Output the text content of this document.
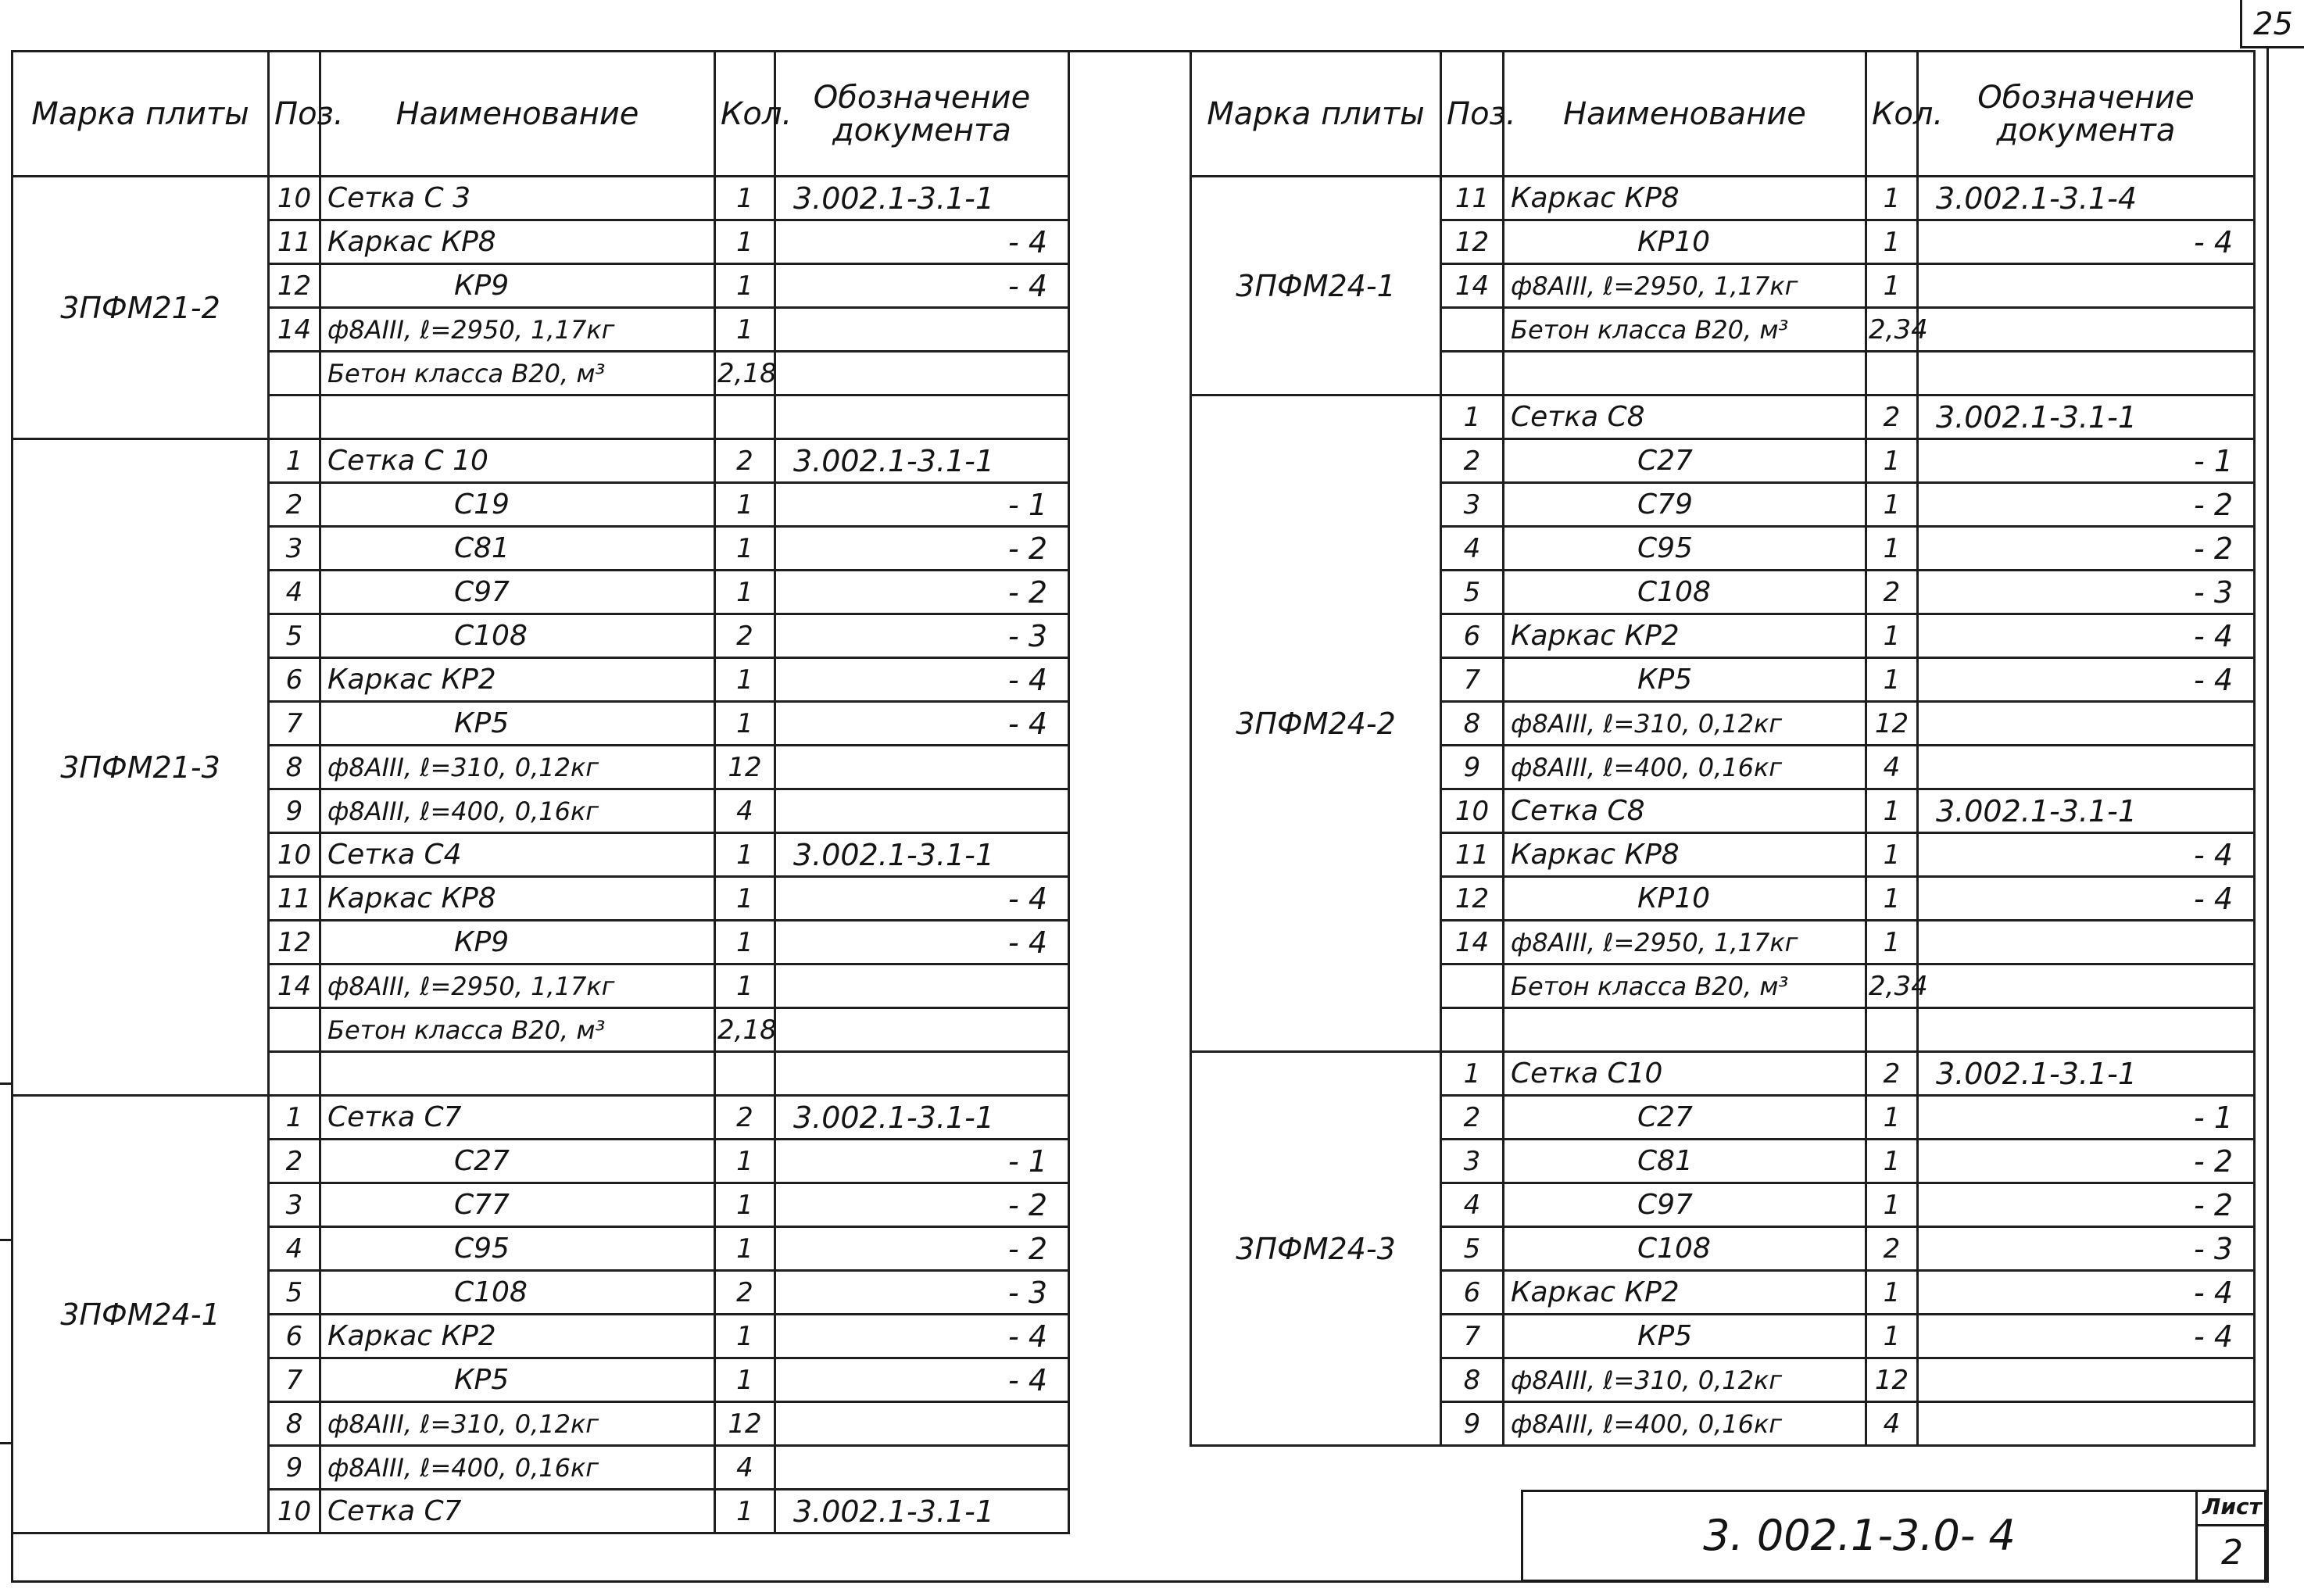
25
Марка плиты	Поз.	Наименование	Кол.	Обозначение документа
3ПФМ21-2	10	Сетка С 3	1	3.002.1-3.1-1
	11	Каркас КР8	1	- 4
	12	КР9	1	- 4
	14	ф8АIII, ℓ=2950, 1,17кг	1	
		Бетон класса В20, м³	2,18	

3ПФМ21-3	1	Сетка С 10	2	3.002.1-3.1-1
	2	С19	1	- 1
	3	С81	1	- 2
	4	С97	1	- 2
	5	С108	2	- 3
	6	Каркас КР2	1	- 4
	7	КР5	1	- 4
	8	ф8АIII, ℓ=310, 0,12кг	12	
	9	ф8АIII, ℓ=400, 0,16кг	4	
	10	Сетка С4	1	3.002.1-3.1-1
	11	Каркас КР8	1	- 4
	12	КР9	1	- 4
	14	ф8АIII, ℓ=2950, 1,17кг	1	
		Бетон класса В20, м³	2,18	

3ПФМ24-1	1	Сетка С7	2	3.002.1-3.1-1
	2	С27	1	- 1
	3	С77	1	- 2
	4	С95	1	- 2
	5	С108	2	- 3
	6	Каркас КР2	1	- 4
	7	КР5	1	- 4
	8	ф8АIII, ℓ=310, 0,12кг	12	
	9	ф8АIII, ℓ=400, 0,16кг	4	
	10	Сетка С7	1	3.002.1-3.1-1
Марка плиты	Поз.	Наименование	Кол.	Обозначение документа
3ПФМ24-1	11	Каркас КР8	1	3.002.1-3.1-4
	12	КР10	1	- 4
	14	ф8АIII, ℓ=2950, 1,17кг	1	
		Бетон класса В20, м³	2,34	

3ПФМ24-2	1	Сетка С8	2	3.002.1-3.1-1
	2	С27	1	- 1
	3	С79	1	- 2
	4	С95	1	- 2
	5	С108	2	- 3
	6	Каркас КР2	1	- 4
	7	КР5	1	- 4
	8	ф8АIII, ℓ=310, 0,12кг	12	
	9	ф8АIII, ℓ=400, 0,16кг	4	
	10	Сетка С8	1	3.002.1-3.1-1
	11	Каркас КР8	1	- 4
	12	КР10	1	- 4
	14	ф8АIII, ℓ=2950, 1,17кг	1	
		Бетон класса В20, м³	2,34	

3ПФМ24-3	1	Сетка С10	2	3.002.1-3.1-1
	2	С27	1	- 1
	3	С81	1	- 2
	4	С97	1	- 2
	5	С108	2	- 3
	6	Каркас КР2	1	- 4
	7	КР5	1	- 4
	8	ф8АIII, ℓ=310, 0,12кг	12	
	9	ф8АIII, ℓ=400, 0,16кг	4	
3. 002.1-3.0- 4
Лист
2
